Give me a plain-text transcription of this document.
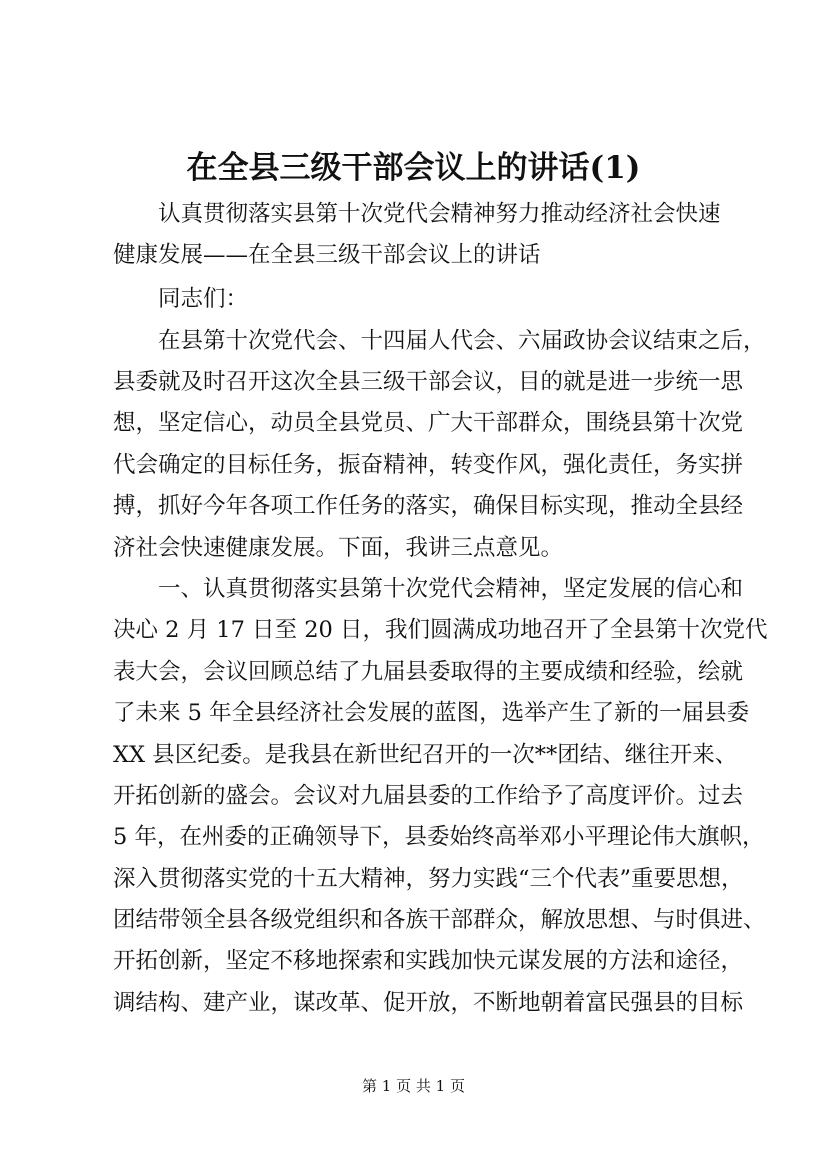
在全县三级干部会议上的讲话(1)
　　认真贯彻落实县第十次党代会精神努力推动经济社会快速
健康发展——在全县三级干部会议上的讲话
　　同志们：
　　在县第十次党代会、十四届人代会、六届政协会议结束之后，
县委就及时召开这次全县三级干部会议，目的就是进一步统一思
想，坚定信心，动员全县党员、广大干部群众，围绕县第十次党
代会确定的目标任务，振奋精神，转变作风，强化责任，务实拼
搏，抓好今年各项工作任务的落实，确保目标实现，推动全县经
济社会快速健康发展。下面，我讲三点意见。
　　一、认真贯彻落实县第十次党代会精神，坚定发展的信心和
决心 2 月 17 日至 20 日，我们圆满成功地召开了全县第十次党代
表大会，会议回顾总结了九届县委取得的主要成绩和经验，绘就
了未来 5 年全县经济社会发展的蓝图，选举产生了新的一届县委
XX 县区纪委。是我县在新世纪召开的一次**团结、继往开来、
开拓创新的盛会。会议对九届县委的工作给予了高度评价。过去
5 年，在州委的正确领导下，县委始终高举邓小平理论伟大旗帜，
深入贯彻落实党的十五大精神，努力实践“三个代表”重要思想，
团结带领全县各级党组织和各族干部群众，解放思想、与时俱进、
开拓创新，坚定不移地探索和实践加快元谋发展的方法和途径，
调结构、建产业，谋改革、促开放，不断地朝着富民强县的目标
第 1 页 共 1 页
